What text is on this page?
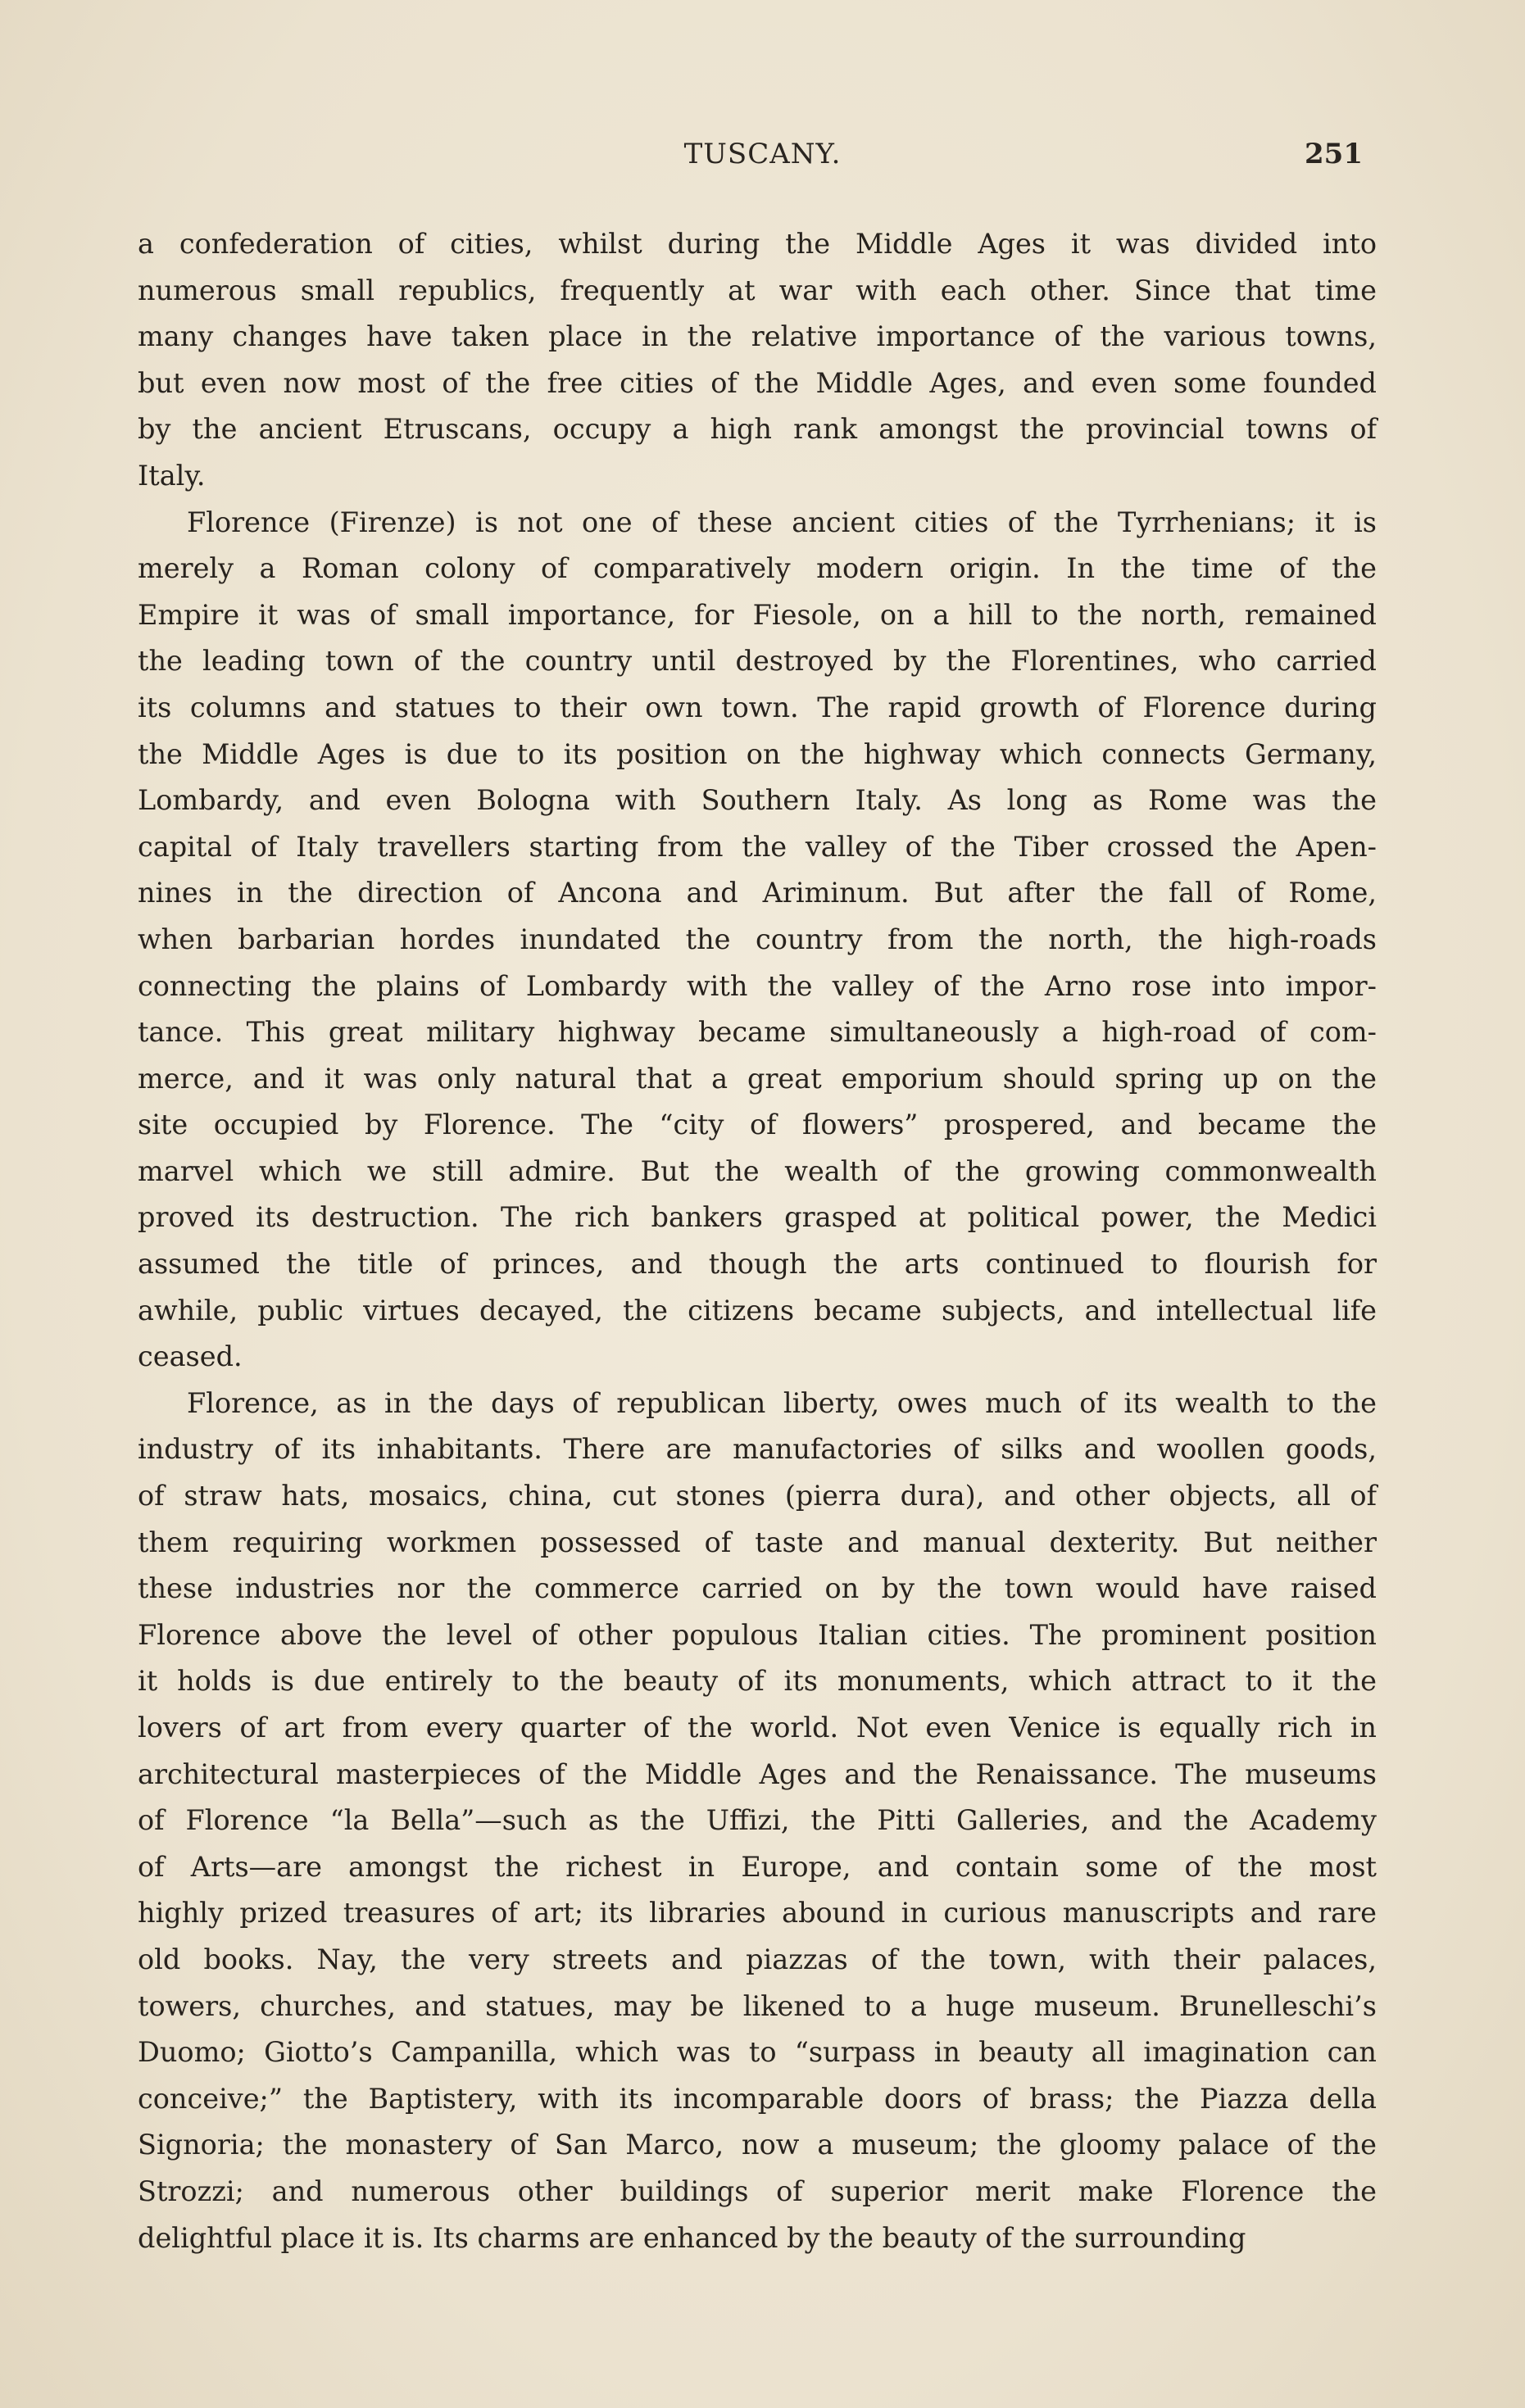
TUSCANY.	251
a confederation of cities, whilst during the Middle Ages it was divided into
numerous small republics, frequently at war with each other. Since that time
many changes have taken place in the relative importance of the various towns,
but even now most of the free cities of the Middle Ages, and even some founded
by the ancient Etruscans, occupy a high rank amongst the provincial towns of
Italy.
Florence (Firenze) is not one of these ancient cities of the Tyrrhenians; it is
merely a Roman colony of comparatively modern origin. In the time of the
Empire it was of small importance, for Fiesole, on a hill to the north, remained
the leading town of the country until destroyed by the Florentines, who carried
its columns and statues to their own town. The rapid growth of Florence during
the Middle Ages is due to its position on the highway which connects Germany,
Lombardy, and even Bologna with Southern Italy. As long as Rome was the
capital of Italy travellers starting from the valley of the Tiber crossed the Apen-
nines in the direction of Ancona and Ariminum. But after the fall of Rome,
when barbarian hordes inundated the country from the north, the high-roads
connecting the plains of Lombardy with the valley of the Arno rose into impor-
tance. This great military highway became simultaneously a high-road of com-
merce, and it was only natural that a great emporium should spring up on the
site occupied by Florence. The “city of flowers” prospered, and became the
marvel which we still admire. But the wealth of the growing commonwealth
proved its destruction. The rich bankers grasped at political power, the Medici
assumed the title of princes, and though the arts continued to flourish for
awhile, public virtues decayed, the citizens became subjects, and intellectual life
ceased.
Florence, as in the days of republican liberty, owes much of its wealth to the
industry of its inhabitants. There are manufactories of silks and woollen goods,
of straw hats, mosaics, china, cut stones (pierra dura), and other objects, all of
them requiring workmen possessed of taste and manual dexterity. But neither
these industries nor the commerce carried on by the town would have raised
Florence above the level of other populous Italian cities. The prominent position
it holds is due entirely to the beauty of its monuments, which attract to it the
lovers of art from every quarter of the world. Not even Venice is equally rich in
architectural masterpieces of the Middle Ages and the Renaissance. The museums
of Florence “la Bella”—such as the Uffizi, the Pitti Galleries, and the Academy
of Arts—are amongst the richest in Europe, and contain some of the most
highly prized treasures of art; its libraries abound in curious manuscripts and rare
old books. Nay, the very streets and piazzas of the town, with their palaces,
towers, churches, and statues, may be likened to a huge museum. Brunelleschi’s
Duomo; Giotto’s Campanilla, which was to “surpass in beauty all imagination can
conceive;” the Baptistery, with its incomparable doors of brass; the Piazza della
Signoria; the monastery of San Marco, now a museum; the gloomy palace of the
Strozzi; and numerous other buildings of superior merit make Florence the
delightful place it is. Its charms are enhanced by the beauty of the surrounding
